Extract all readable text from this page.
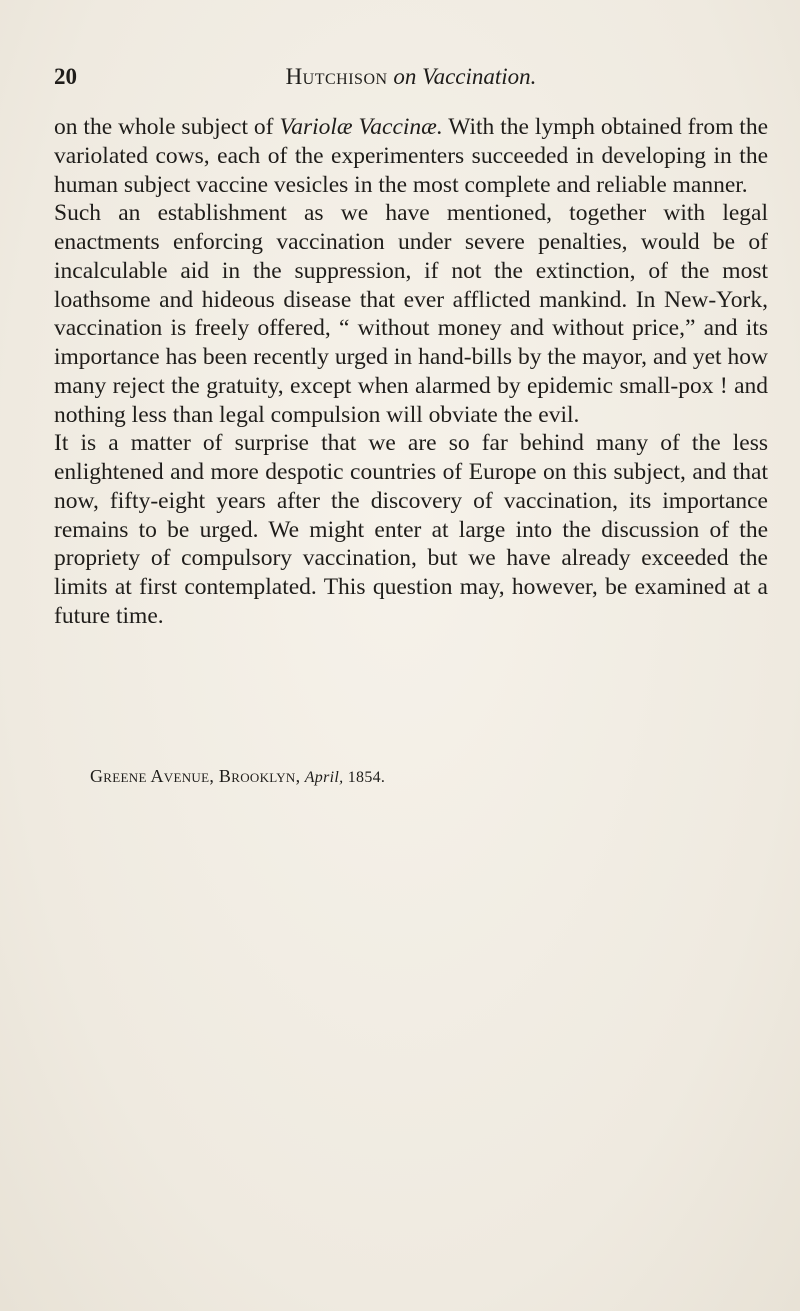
20	Hutchison on Vaccination.

on the whole subject of Variolæ Vaccinæ. With the lymph obtained from the variolated cows, each of the experimenters succeeded in developing in the human subject vaccine vesicles in the most complete and reliable manner.

Such an establishment as we have mentioned, together with legal enactments enforcing vaccination under severe penalties, would be of incalculable aid in the suppression, if not the extinction, of the most loathsome and hideous disease that ever afflicted mankind. In New-York, vaccination is freely offered, “ without money and without price,” and its importance has been recently urged in hand-bills by the mayor, and yet how many reject the gratuity, except when alarmed by epidemic small-pox ! and nothing less than legal compulsion will obviate the evil.

It is a matter of surprise that we are so far behind many of the less enlightened and more despotic countries of Europe on this subject, and that now, fifty-eight years after the discovery of vaccination, its importance remains to be urged. We might enter at large into the discussion of the propriety of compulsory vaccination, but we have already exceeded the limits at first contemplated. This question may, however, be examined at a future time.

Greene Avenue, Brooklyn, April, 1854.
